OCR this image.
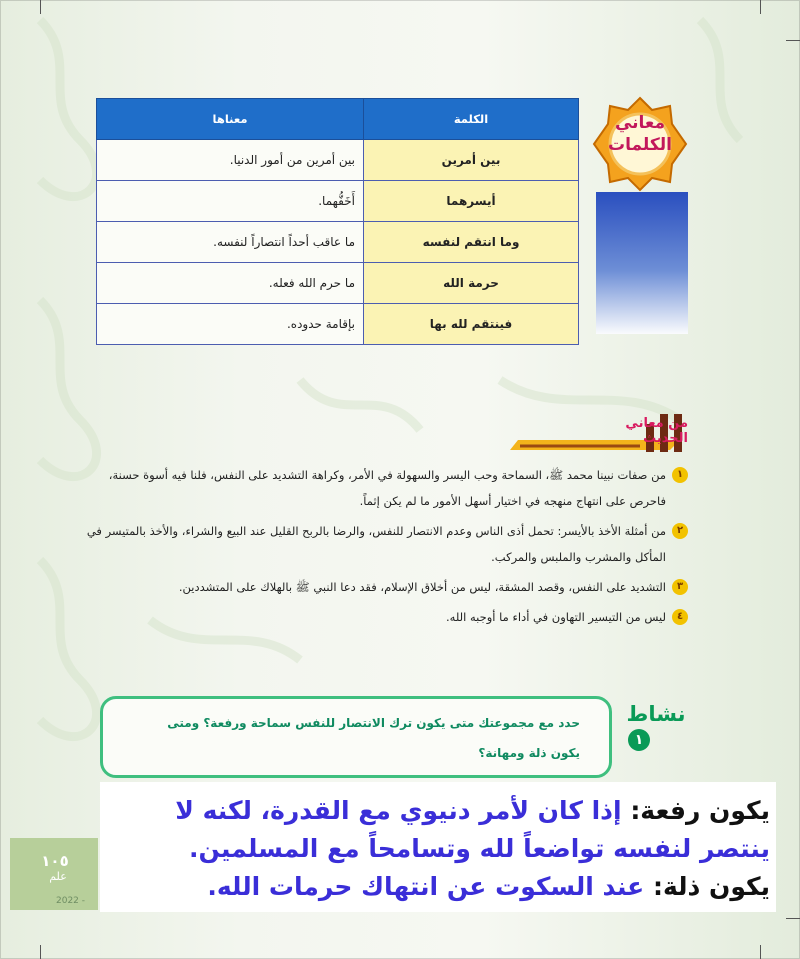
معاني الكلمات
الكلمة	معناها
بين أمرين	بين أمرين من أمور الدنيا.
أيسرهما	أَخَفُّهما.
وما انتقم لنفسه	ما عاقب أحداً انتصاراً لنفسه.
حرمة الله	ما حرم الله فعله.
فينتقم لله بها	بإقامة حدوده.
من معاني الحديث
١
من صفات نبينا محمد ﷺ، السماحة وحب اليسر والسهولة في الأمر، وكراهة التشديد على النفس، فلنا فيه أسوة حسنة، فاحرص على انتهاج منهجه في اختيار أسهل الأمور ما لم يكن إثماً.
٢
من أمثلة الأخذ بالأيسر: تحمل أذى الناس وعدم الانتصار للنفس، والرضا بالربح القليل عند البيع والشراء، والأخذ بالمتيسر في المأكل والمشرب والملبس والمركب.
٣
التشديد على النفس، وقصد المشقة، ليس من أخلاق الإسلام، فقد دعا النبي ﷺ بالهلاك على المتشددين.
٤
ليس من التيسير التهاون في أداء ما أوجبه الله.
نشاط
١
حدد مع مجموعتك متى يكون ترك الانتصار للنفس سماحة ورفعة؟ ومتى يكون ذلة ومهانة؟
يكون رفعة: إذا كان لأمر دنيوي مع القدرة، لكنه لا ينتصر لنفسه تواضعاً لله وتسامحاً مع المسلمين.
يكون ذلة: عند السكوت عن انتهاك حرمات الله.
١٠٥
علم
2022 -
